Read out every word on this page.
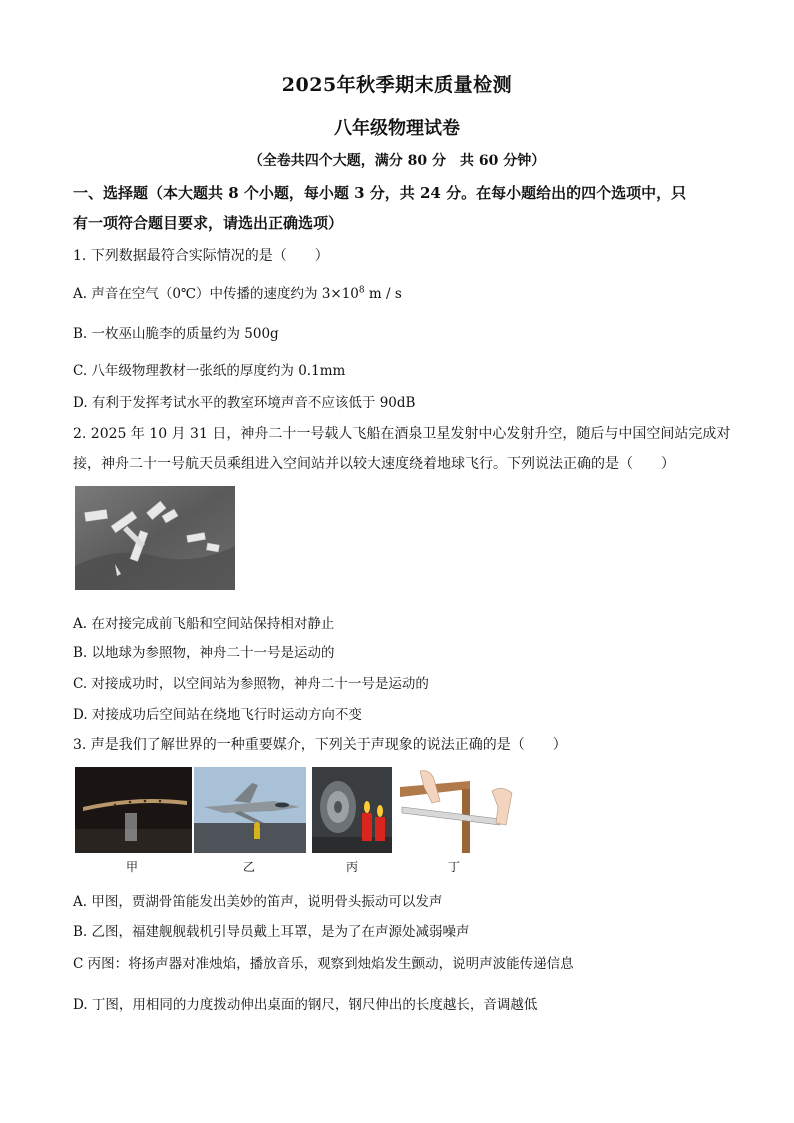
2025年秋季期末质量检测
八年级物理试卷
（全卷共四个大题，满分 80 分　共 60 分钟）
一、选择题（本大题共 8 个小题，每小题 3 分，共 24 分。在每小题给出的四个选项中，只
有一项符合题目要求，请选出正确选项）
1. 下列数据最符合实际情况的是（　　）
A. 声音在空气（0℃）中传播的速度约为 $3\times 10^8$ m / s
B. 一枚巫山脆李的质量约为 500g
C. 八年级物理教材一张纸的厚度约为 0.1mm
D. 有利于发挥考试水平的教室环境声音不应该低于 90dB
2. 2025 年 10 月 31 日，神舟二十一号载人飞船在酒泉卫星发射中心发射升空，随后与中国空间站完成对
接，神舟二十一号航天员乘组进入空间站并以较大速度绕着地球飞行。下列说法正确的是（　　）
A. 在对接完成前飞船和空间站保持相对静止
B. 以地球为参照物，神舟二十一号是运动的
C. 对接成功时，以空间站为参照物，神舟二十一号是运动的
D. 对接成功后空间站在绕地飞行时运动方向不变
3. 声是我们了解世界的一种重要媒介，下列关于声现象的说法正确的是（　　）
甲	乙	丙	丁
A. 甲图，贾湖骨笛能发出美妙的笛声，说明骨头振动可以发声
B. 乙图，福建舰舰载机引导员戴上耳罩，是为了在声源处减弱噪声
C 丙图：将扬声器对准烛焰，播放音乐，观察到烛焰发生颤动，说明声波能传递信息
D. 丁图，用相同的力度拨动伸出桌面的钢尺，钢尺伸出的长度越长，音调越低
